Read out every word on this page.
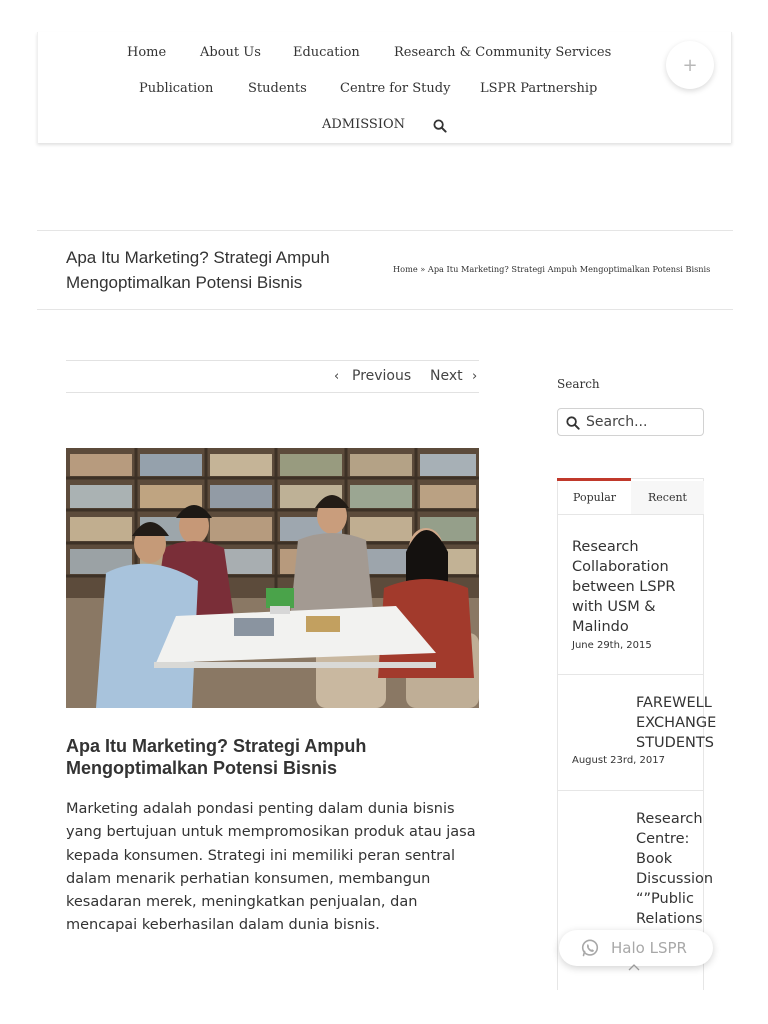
Home	About Us Education	Research & Community Services
Publication	Students	Centre for Study LSPR Partnership
ADMISSION
+
Apa Itu Marketing? Strategi Ampuh Mengoptimalkan Potensi Bisnis
Home » Apa Itu Marketing? Strategi Ampuh Mengoptimalkan Potensi Bisnis
‹ Previous Next ›
Apa Itu Marketing? Strategi Ampuh Mengoptimalkan Potensi Bisnis

Marketing adalah pondasi penting dalam dunia bisnis yang bertujuan untuk mempromosikan produk atau jasa kepada konsumen. Strategi ini memiliki peran sentral dalam menarik perhatian konsumen, membangun kesadaran merek, meningkatkan penjualan, dan mencapai keberhasilan dalam dunia bisnis.

Search
Search...
Popular	Recent
Research Collaboration between LSPR with USM & Malindo
June 29th, 2015
FAREWELL EXCHANGE STUDENTS
August 23rd, 2017
Research Centre: Book Discussion “”Public Relations
Halo LSPR
